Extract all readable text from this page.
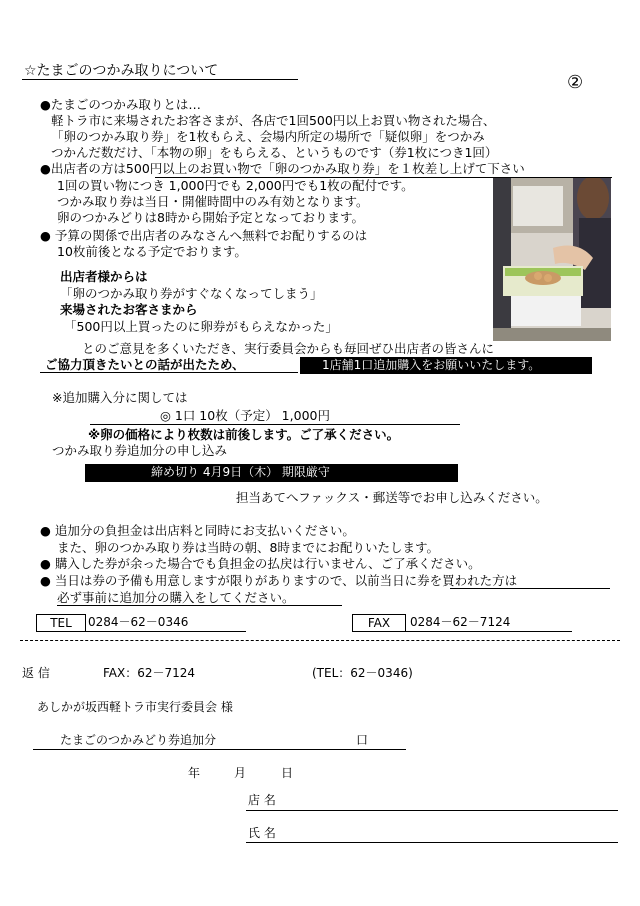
☆たまごのつかみ取りについて
②
●たまごのつかみ取りとは…
軽トラ市に来場されたお客さまが、各店で1回500円以上お買い物された場合、
「卵のつかみ取り券」を1枚もらえ、会場内所定の場所で「疑似卵」をつかみ
つかんだ数だけ、「本物の卵」をもらえる、というものです（券1枚につき1回）
●出店者の方は500円以上のお買い物で「卵のつかみ取り券」を１枚差し上げて下さい
1回の買い物につき 1,000円でも 2,000円でも1枚の配付です。
つかみ取り券は当日・開催時間中のみ有効となります。
卵のつかみどりは8時から開始予定となっております。
● 予算の関係で出店者のみなさんへ無料でお配りするのは
10枚前後となる予定でおります。
出店者様からは
「卵のつかみ取り券がすぐなくなってしまう」
来場されたお客さまから
「500円以上買ったのに卵券がもらえなかった」
とのご意見を多くいただき、実行委員会からも毎回ぜひ出店者の皆さんに
ご協力頂きたいとの話が出たため、	1店舗1口追加購入をお願いいたします。
※追加購入分に関しては
◎ 1口 10枚（予定） 1,000円
※卵の価格により枚数は前後します。ご了承ください。
つかみ取り券追加分の申し込み
締め切り 4月9日（木） 期限厳守
担当あてへファックス・郵送等でお申し込みください。
● 追加分の負担金は出店料と同時にお支払いください。
また、卵のつかみ取り券は当時の朝、8時までにお配りいたします。
● 購入した券が余った場合でも負担金の払戻は行いません、ご了承ください。
● 当日は券の予備も用意しますが限りがありますので、以前当日に券を買われた方は
必ず事前に追加分の購入をしてください。
TEL	0284－62－0346	FAX	0284－62－7124
返 信	FAX：62－7124	(TEL：62－0346)
あしかが坂西軽トラ市実行委員会 様
たまごのつかみどり券追加分	口
年	月	日
店 名
氏 名
